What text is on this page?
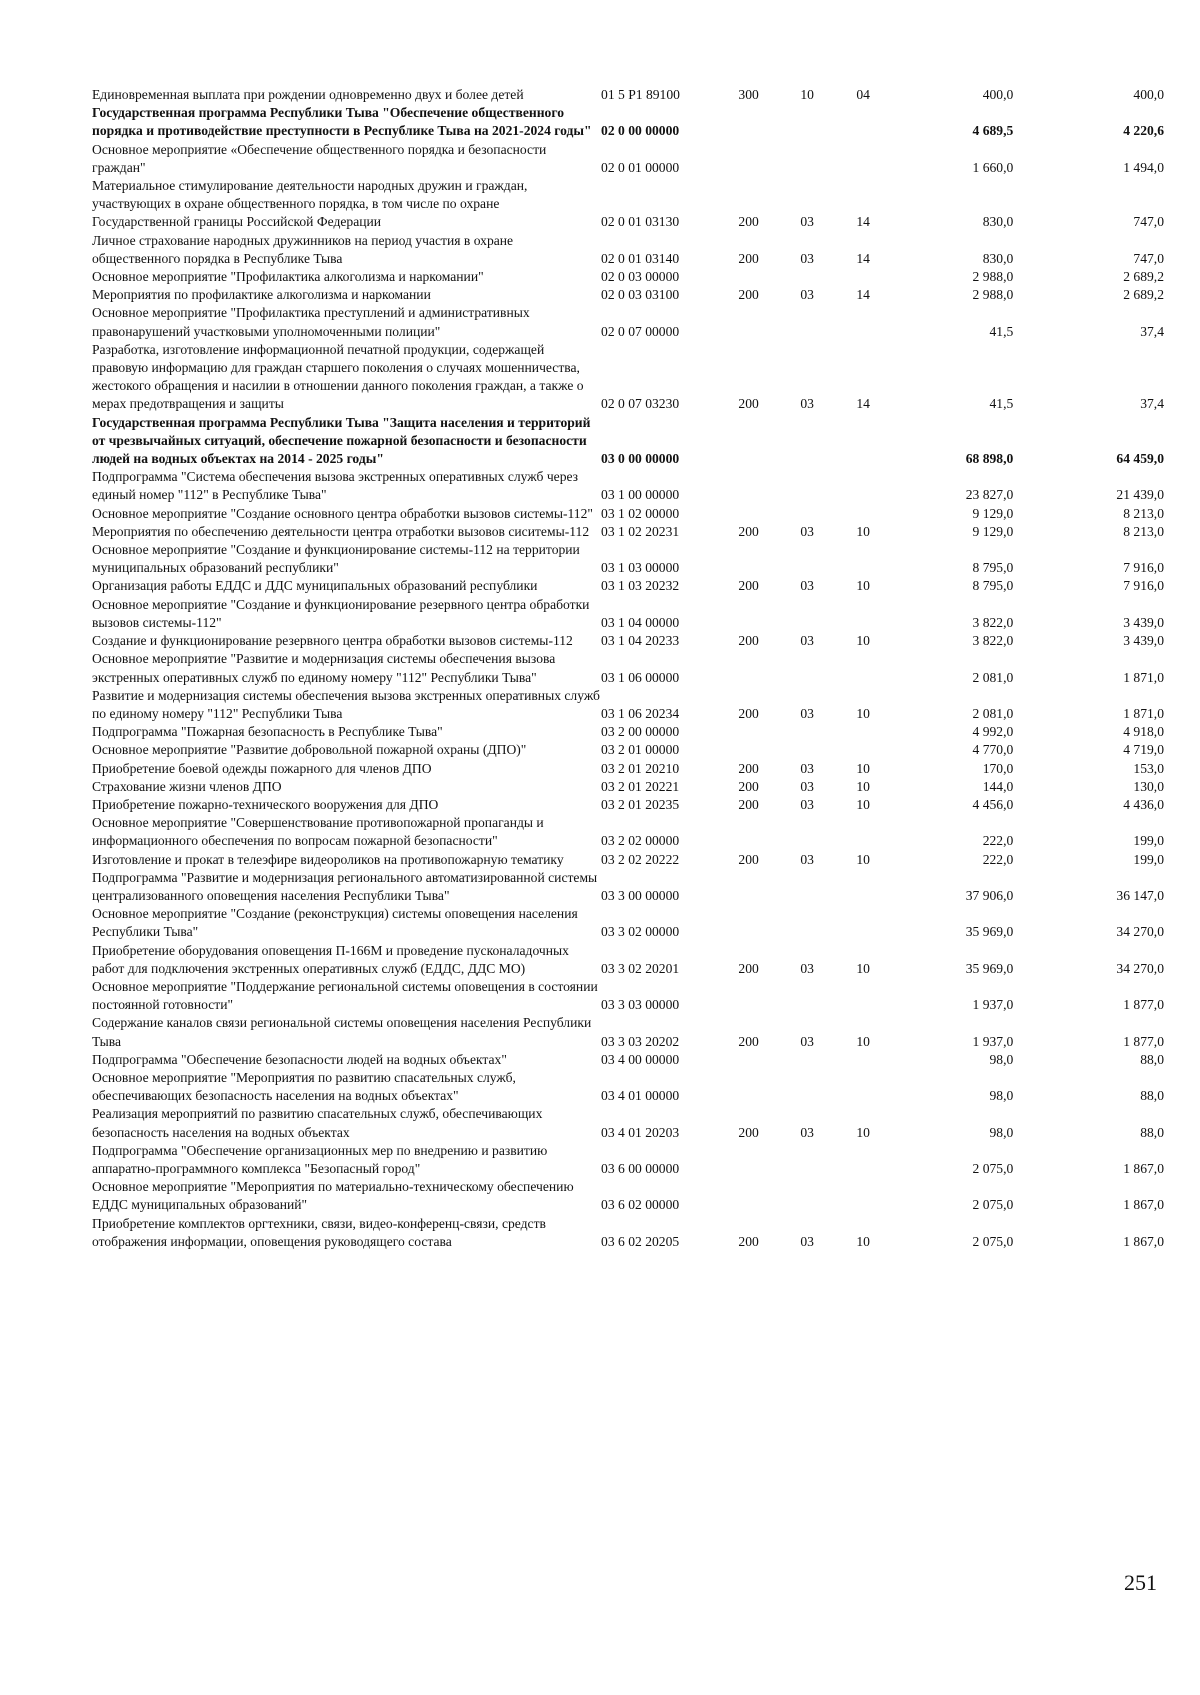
Единовременная выплата при рождении одновременно двух и более детей	01 5 P1 89100	300	10	04	400,0	400,0
Государственная программа Республики Тыва "Обеспечение общественного порядка и противодействие преступности в Республике Тыва на 2021-2024 годы"	02 0 00 00000				4 689,5	4 220,6
Основное мероприятие «Обеспечение общественного порядка и безопасности граждан"	02 0 01 00000				1 660,0	1 494,0
Материальное стимулирование деятельности народных дружин и граждан, участвующих в охране общественного порядка, в том числе по охране Государственной границы Российской Федерации	02 0 01 03130	200	03	14	830,0	747,0
Личное страхование народных дружинников на период участия в охране общественного порядка в Республике Тыва	02 0 01 03140	200	03	14	830,0	747,0
Основное мероприятие "Профилактика алкоголизма и наркомании"	02 0 03 00000				2 988,0	2 689,2
Мероприятия по профилактике алкоголизма и наркомании	02 0 03 03100	200	03	14	2 988,0	2 689,2
Основное мероприятие "Профилактика преступлений и административных правонарушений участковыми уполномоченными полиции"	02 0 07 00000				41,5	37,4
Разработка, изготовление информационной печатной продукции, содержащей правовую информацию для граждан старшего поколения о случаях мошенничества, жестокого обращения и насилии в отношении данного поколения граждан, а также о мерах предотвращения и защиты	02 0 07 03230	200	03	14	41,5	37,4
Государственная программа Республики Тыва "Защита населения и территорий от чрезвычайных ситуаций, обеспечение пожарной безопасности и безопасности людей на водных объектах на 2014 - 2025 годы"	03 0 00 00000				68 898,0	64 459,0
Подпрограмма "Система обеспечения вызова экстренных оперативных служб через единый номер "112" в Республике Тыва"	03 1 00 00000				23 827,0	21 439,0
Основное мероприятие "Создание основного центра обработки вызовов системы-112"	03 1 02 00000				9 129,0	8 213,0
Мероприятия по обеспечению деятельности центра отработки вызовов сиситемы-112	03 1 02 20231	200	03	10	9 129,0	8 213,0
Основное мероприятие "Создание и функционирование системы-112 на территории муниципальных образований республики"	03 1 03 00000				8 795,0	7 916,0
Организация работы ЕДДС и ДДС муниципальных образований республики	03 1 03 20232	200	03	10	8 795,0	7 916,0
Основное мероприятие "Создание и функционирование резервного центра обработки вызовов системы-112"	03 1 04 00000				3 822,0	3 439,0
Создание и функционирование резервного центра обработки вызовов системы-112	03 1 04 20233	200	03	10	3 822,0	3 439,0
Основное мероприятие "Развитие и модернизация системы обеспечения вызова экстренных оперативных служб по единому номеру "112" Республики Тыва"	03 1 06 00000				2 081,0	1 871,0
Развитие и модернизация системы обеспечения вызова экстренных оперативных служб по единому номеру "112" Республики Тыва	03 1 06 20234	200	03	10	2 081,0	1 871,0
Подпрограмма "Пожарная безопасность в Республике Тыва"	03 2 00 00000				4 992,0	4 918,0
Основное мероприятие "Развитие добровольной пожарной охраны (ДПО)"	03 2 01 00000				4 770,0	4 719,0
Приобретение боевой одежды пожарного для членов ДПО	03 2 01 20210	200	03	10	170,0	153,0
Страхование жизни членов ДПО	03 2 01 20221	200	03	10	144,0	130,0
Приобретение пожарно-технического вооружения для ДПО	03 2 01 20235	200	03	10	4 456,0	4 436,0
Основное мероприятие "Совершенствование противопожарной пропаганды и информационного обеспечения по вопросам пожарной безопасности"	03 2 02 00000				222,0	199,0
Изготовление и прокат в телеэфире видеороликов на противопожарную тематику	03 2 02 20222	200	03	10	222,0	199,0
Подпрограмма "Развитие и модернизация регионального автоматизированной системы централизованного оповещения населения Республики Тыва"	03 3 00 00000				37 906,0	36 147,0
Основное мероприятие "Создание (реконструкция) системы оповещения населения Республики Тыва"	03 3 02 00000				35 969,0	34 270,0
Приобретение оборудования оповещения П-166М и проведение пусконаладочных работ для подключения экстренных оперативных служб (ЕДДС, ДДС МО)	03 3 02 20201	200	03	10	35 969,0	34 270,0
Основное мероприятие "Поддержание региональной системы оповещения в состоянии постоянной готовности"	03 3 03 00000				1 937,0	1 877,0
Содержание каналов связи региональной системы оповещения населения Республики Тыва	03 3 03 20202	200	03	10	1 937,0	1 877,0
Подпрограмма "Обеспечение безопасности людей на водных объектах"	03 4 00 00000				98,0	88,0
Основное мероприятие "Мероприятия по развитию спасательных служб, обеспечивающих безопасность населения на водных объектах"	03 4 01 00000				98,0	88,0
Реализация мероприятий по развитию спасательных служб, обеспечивающих безопасность населения на водных объектах	03 4 01 20203	200	03	10	98,0	88,0
Подпрограмма "Обеспечение организационных мер по внедрению и развитию аппаратно-программного комплекса "Безопасный город"	03 6 00 00000				2 075,0	1 867,0
Основное мероприятие "Мероприятия по материально-техническому обеспечению ЕДДС муниципальных образований"	03 6 02 00000				2 075,0	1 867,0
Приобретение комплектов оргтехники, связи, видео-конференц-связи, средств отображения информации, оповещения руководящего состава	03 6 02 20205	200	03	10	2 075,0	1 867,0
251
